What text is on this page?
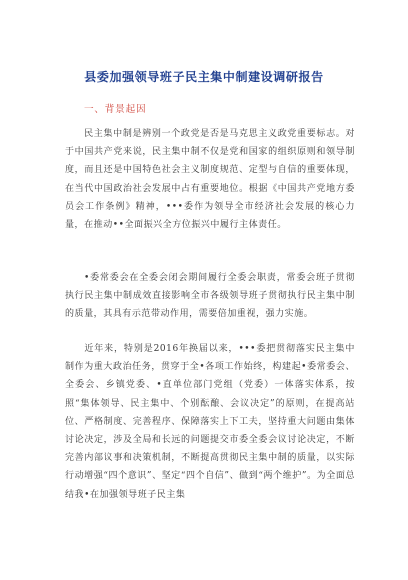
县委加强领导班子民主集中制建设调研报告
一、背景起因

民主集中制是辨别一个政党是否是马克思主义政党重要标志。对于中国共产党来说，民主集中制不仅是党和国家的组织原则和领导制度，而且还是中国特色社会主义制度规范、定型与自信的重要体现，在当代中国政治社会发展中占有重要地位。根据《中国共产党地方委员会工作条例》精神，•••委作为领导全市经济社会发展的核心力量，在推动••全面振兴全方位振兴中履行主体责任。

•委常委会在全委会闭会期间履行全委会职责，常委会班子贯彻执行民主集中制成效直接影响全市各级领导班子贯彻执行民主集中制的质量，其具有示范带动作用，需要倍加重视，强力实施。

近年来，特别是2016年换届以来，•••委把贯彻落实民主集中制作为重大政治任务，贯穿于全•各项工作始终，构建起•委常委会、全委会、乡镇党委、•直单位部门党组（党委）一体落实体系，按照“集体领导、民主集中、个别酝酿、会议决定”的原则，在提高站位、严格制度、完善程序、保障落实上下工夫，坚持重大问题由集体讨论决定，涉及全局和长远的问题提交市委全委会议讨论决定，不断完善内部议事和决策机制，不断提高贯彻民主集中制的质量，以实际行动增强“四个意识”、坚定“四个自信”、做到“两个维护”。为全面总结我•在加强领导班子民主集
